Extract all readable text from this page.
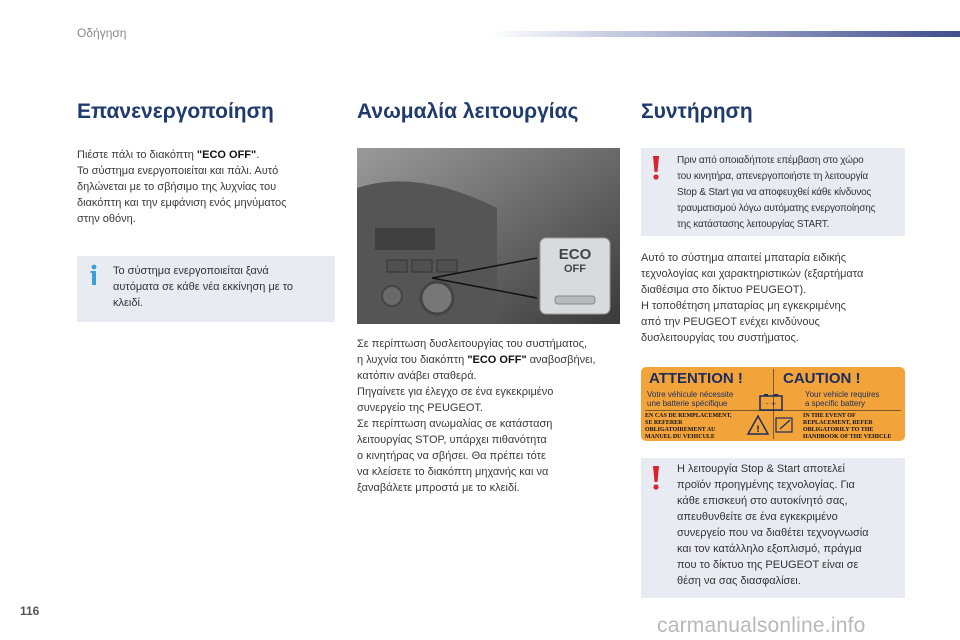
Οδήγηση
Επανενεργοποίηση
Πιέστε πάλι το διακόπτη "ECO OFF".
Το σύστημα ενεργοποιείται και πάλι. Αυτό
δηλώνεται με το σβήσιμο της λυχνίας του
διακόπτη και την εμφάνιση ενός μηνύματος
στην οθόνη.
Το σύστημα ενεργοποιείται ξανά
αυτόματα σε κάθε νέα εκκίνηση με το
κλειδί.
Ανωμαλία λειτουργίας
ECO
OFF
Σε περίπτωση δυσλειτουργίας του συστήματος,
η λυχνία του διακόπτη "ECO OFF" αναβοσβήνει,
κατόπιν ανάβει σταθερά.
Πηγαίνετε για έλεγχο σε ένα εγκεκριμένο
συνεργείο της PEUGEOT.
Σε περίπτωση ανωμαλίας σε κατάσταση
λειτουργίας STOP, υπάρχει πιθανότητα
ο κινητήρας να σβήσει. Θα πρέπει τότε
να κλείσετε το διακόπτη μηχανής και να
ξαναβάλετε μπροστά με το κλειδί.
Συντήρηση
Πριν από οποιαδήποτε επέμβαση στο χώρο
του κινητήρα, απενεργοποιήστε τη λειτουργία
Stop & Start για να αποφευχθεί κάθε κίνδυνος
τραυματισμού λόγω αυτόματης ενεργοποίησης
της κατάστασης λειτουργίας START.
Αυτό το σύστημα απαιτεί μπαταρία ειδικής
τεχνολογίας και χαρακτηριστικών (εξαρτήματα
διαθέσιμα στο δίκτυο PEUGEOT).
Η τοποθέτηση μπαταρίας μη εγκεκριμένης
από την PEUGEOT ενέχει κινδύνους
δυσλειτουργίας του συστήματος.
ATTENTION !	CAUTION !
Votre véhicule nécessite
une batterie spécifique
Your vehicle requires
a specific battery
EN CAS DE REMPLACEMENT,
SE REFERER
OBLIGATOIREMENT AU
MANUEL DU VEHICULE
- +
!
IN THE EVENT OF
REPLACEMENT, REFER
OBLIGATORILY TO THE
HANDBOOK OF THE VEHICLE
Η λειτουργία Stop & Start αποτελεί
προϊόν προηγμένης τεχνολογίας. Για
κάθε επισκευή στο αυτοκίνητό σας,
απευθυνθείτε σε ένα εγκεκριμένο
συνεργείο που να διαθέτει τεχνογνωσία
και τον κατάλληλο εξοπλισμό, πράγμα
που το δίκτυο της PEUGEOT είναι σε
θέση να σας διασφαλίσει.
116
carmanualsonline.info
